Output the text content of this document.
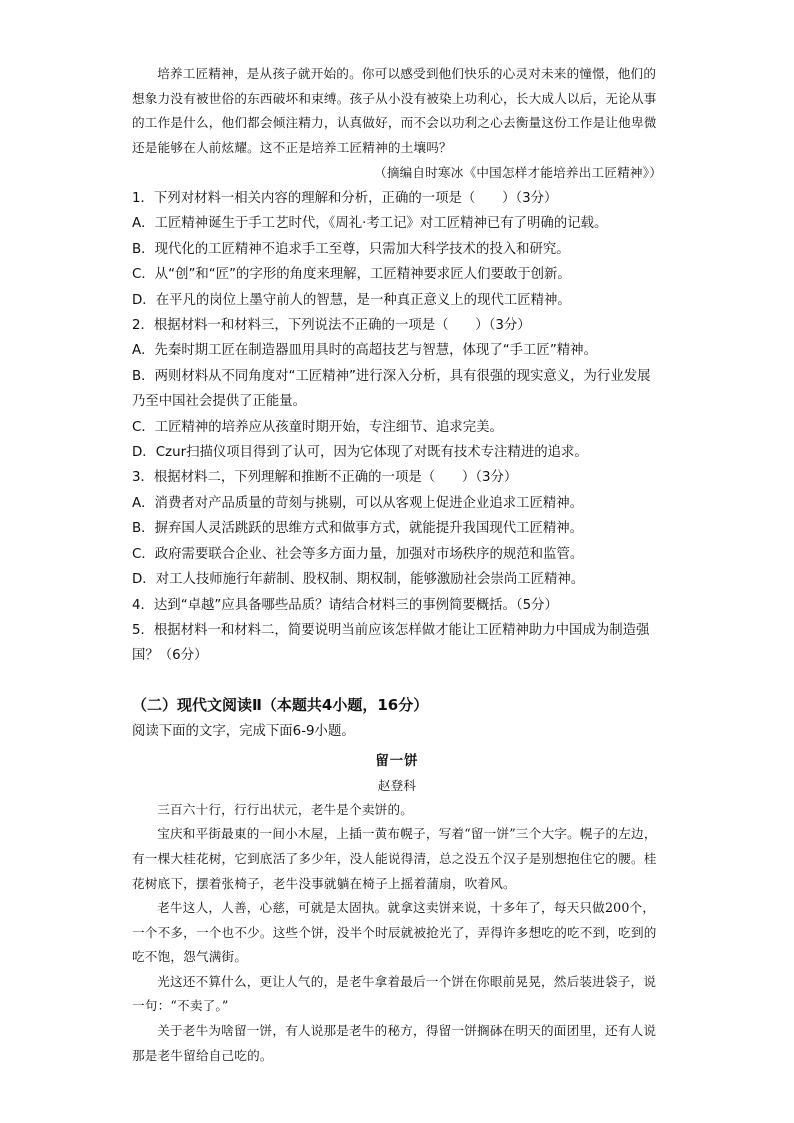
培养工匠精神，是从孩子就开始的。你可以感受到他们快乐的心灵对未来的憧憬，他们的想象力没有被世俗的东西破坏和束缚。孩子从小没有被染上功利心，长大成人以后，无论从事的工作是什么，他们都会倾注精力，认真做好，而不会以功利之心去衡量这份工作是让他卑微还是能够在人前炫耀。这不正是培养工匠精神的土壤吗？

（摘编自时寒冰《中国怎样才能培养出工匠精神》）

1．下列对材料一相关内容的理解和分析，正确的一项是（　　）（3分）

A．工匠精神诞生于手工艺时代，《周礼·考工记》对工匠精神已有了明确的记载。

B．现代化的工匠精神不追求手工至尊，只需加大科学技术的投入和研究。

C．从“创”和“匠”的字形的角度来理解，工匠精神要求匠人们要敢于创新。

D．在平凡的岗位上墨守前人的智慧，是一种真正意义上的现代工匠精神。

2．根据材料一和材料三，下列说法不正确的一项是（　　）（3分）

A．先秦时期工匠在制造器皿用具时的高超技艺与智慧，体现了“手工匠”精神。

B．两则材料从不同角度对“工匠精神”进行深入分析，具有很强的现实意义，为行业发展乃至中国社会提供了正能量。

C．工匠精神的培养应从孩童时期开始，专注细节、追求完美。

D．Czur扫描仪项目得到了认可，因为它体现了对既有技术专注精进的追求。

3．根据材料二，下列理解和推断不正确的一项是（　　）（3分）

A．消费者对产品质量的苛刻与挑剔，可以从客观上促进企业追求工匠精神。

B．摒弃国人灵活跳跃的思维方式和做事方式，就能提升我国现代工匠精神。

C．政府需要联合企业、社会等多方面力量，加强对市场秩序的规范和监管。

D．对工人技师施行年薪制、股权制、期权制，能够激励社会崇尚工匠精神。

4．达到“卓越”应具备哪些品质？请结合材料三的事例简要概括。（5分）

5．根据材料一和材料二，简要说明当前应该怎样做才能让工匠精神助力中国成为制造强国？（6分）

（二）现代文阅读Ⅱ（本题共4小题，16分）

阅读下面的文字，完成下面6-9小题。

留一饼

赵登科

三百六十行，行行出状元，老牛是个卖饼的。

宝庆和平街最東的一间小木屋，上插一黄布幌子，写着“留一饼”三个大字。幌子的左边，有一棵大桂花树，它到底活了多少年，没人能说得清，总之没五个汉子是别想抱住它的腰。桂花树底下，摆着张椅子，老牛没事就躺在椅子上摇着蒲扇，吹着风。

老牛这人，人善，心慈，可就是太固执。就拿这卖饼来说，十多年了，每天只做200个，一个不多，一个也不少。这些个饼，没半个时辰就被抢光了，弄得许多想吃的吃不到，吃到的吃不饱，怨气满街。

光这还不算什么，更让人气的，是老牛拿着最后一个饼在你眼前晃晃，然后装进袋子，说一句：“不卖了。”

关于老牛为啥留一饼，有人说那是老牛的秘方，得留一饼搁砵在明天的面团里，还有人说那是老牛留给自己吃的。
